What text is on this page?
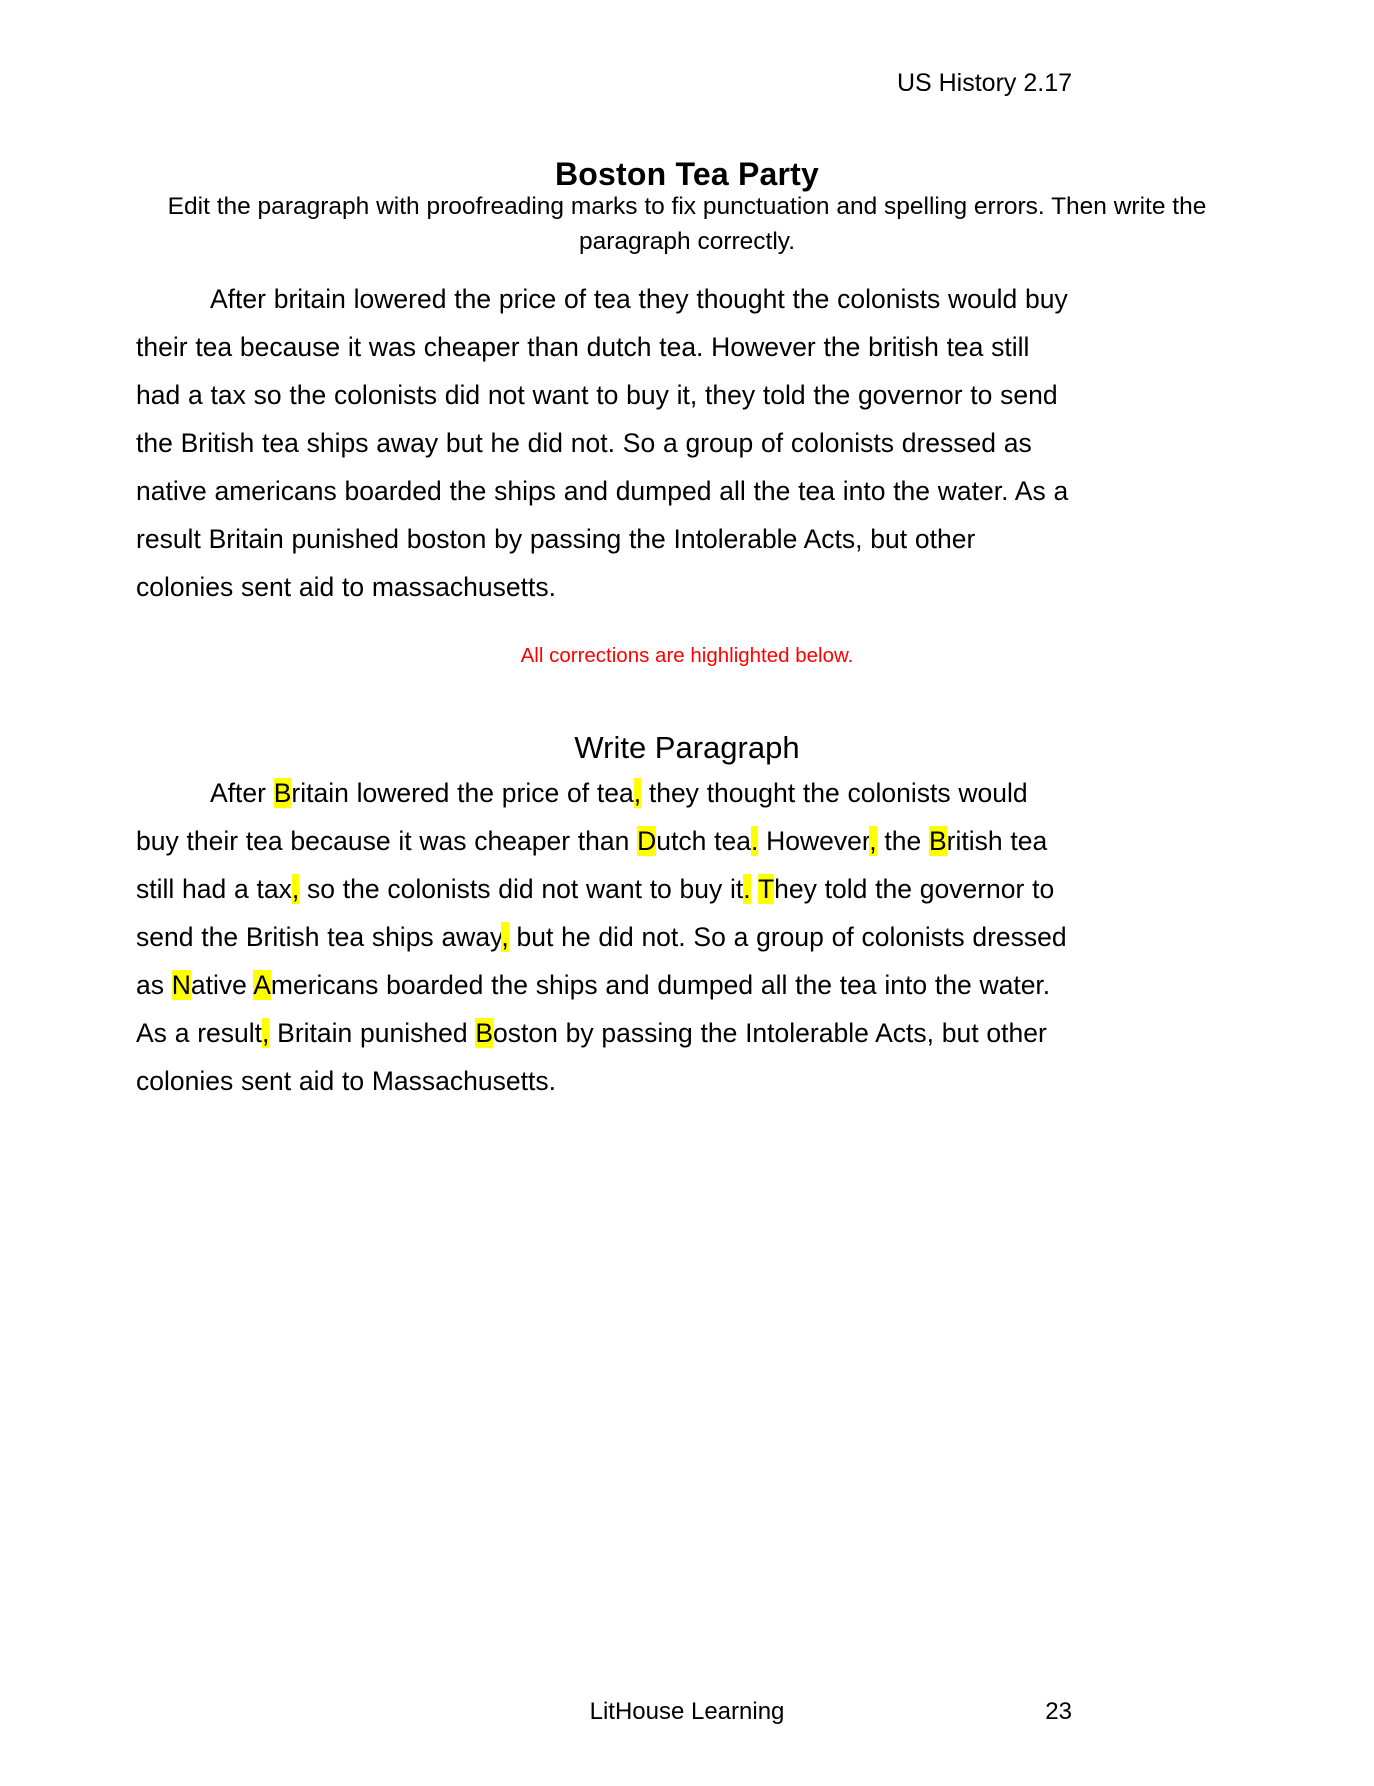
US History 2.17
Boston Tea Party
Edit the paragraph with proofreading marks to fix punctuation and spelling errors. Then write the paragraph correctly.
After britain lowered the price of tea they thought the colonists would buy their tea because it was cheaper than dutch tea. However the british tea still had a tax so the colonists did not want to buy it, they told the governor to send the British tea ships away but he did not. So a group of colonists dressed as native americans boarded the ships and dumped all the tea into the water. As a result Britain punished boston by passing the Intolerable Acts, but other colonies sent aid to massachusetts.
All corrections are highlighted below.
Write Paragraph
After Britain lowered the price of tea, they thought the colonists would buy their tea because it was cheaper than Dutch tea. However, the British tea still had a tax, so the colonists did not want to buy it. They told the governor to send the British tea ships away, but he did not. So a group of colonists dressed as Native Americans boarded the ships and dumped all the tea into the water. As a result, Britain punished Boston by passing the Intolerable Acts, but other colonies sent aid to Massachusetts.
LitHouse Learning	23
